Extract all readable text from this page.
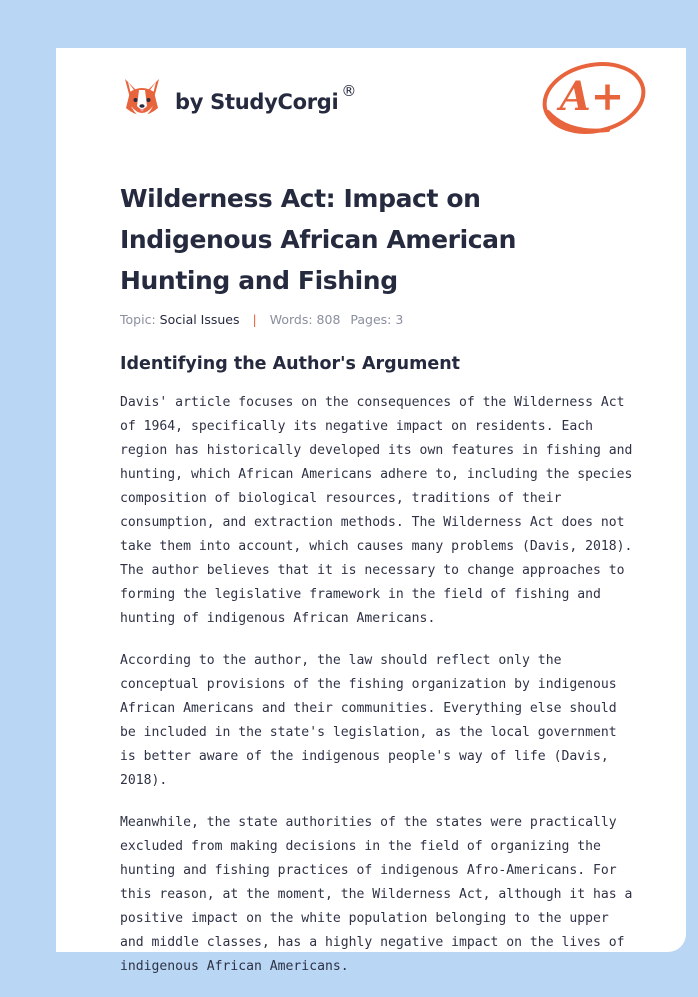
by StudyCorgi ®	A+
Wilderness Act: Impact on Indigenous African American Hunting and Fishing
Topic: Social Issues | Words: 808 Pages: 3
Identifying the Author's Argument

Davis' article focuses on the consequences of the Wilderness Act of 1964, specifically its negative impact on residents. Each region has historically developed its own features in fishing and hunting, which African Americans adhere to, including the species composition of biological resources, traditions of their consumption, and extraction methods. The Wilderness Act does not take them into account, which causes many problems (Davis, 2018). The author believes that it is necessary to change approaches to forming the legislative framework in the field of fishing and hunting of indigenous African Americans.

According to the author, the law should reflect only the conceptual provisions of the fishing organization by indigenous African Americans and their communities. Everything else should be included in the state's legislation, as the local government is better aware of the indigenous people's way of life (Davis, 2018).

Meanwhile, the state authorities of the states were practically excluded from making decisions in the field of organizing the hunting and fishing practices of indigenous Afro-Americans. For this reason, at the moment, the Wilderness Act, although it has a positive impact on the white population belonging to the upper and middle classes, has a highly negative impact on the lives of indigenous African Americans.
